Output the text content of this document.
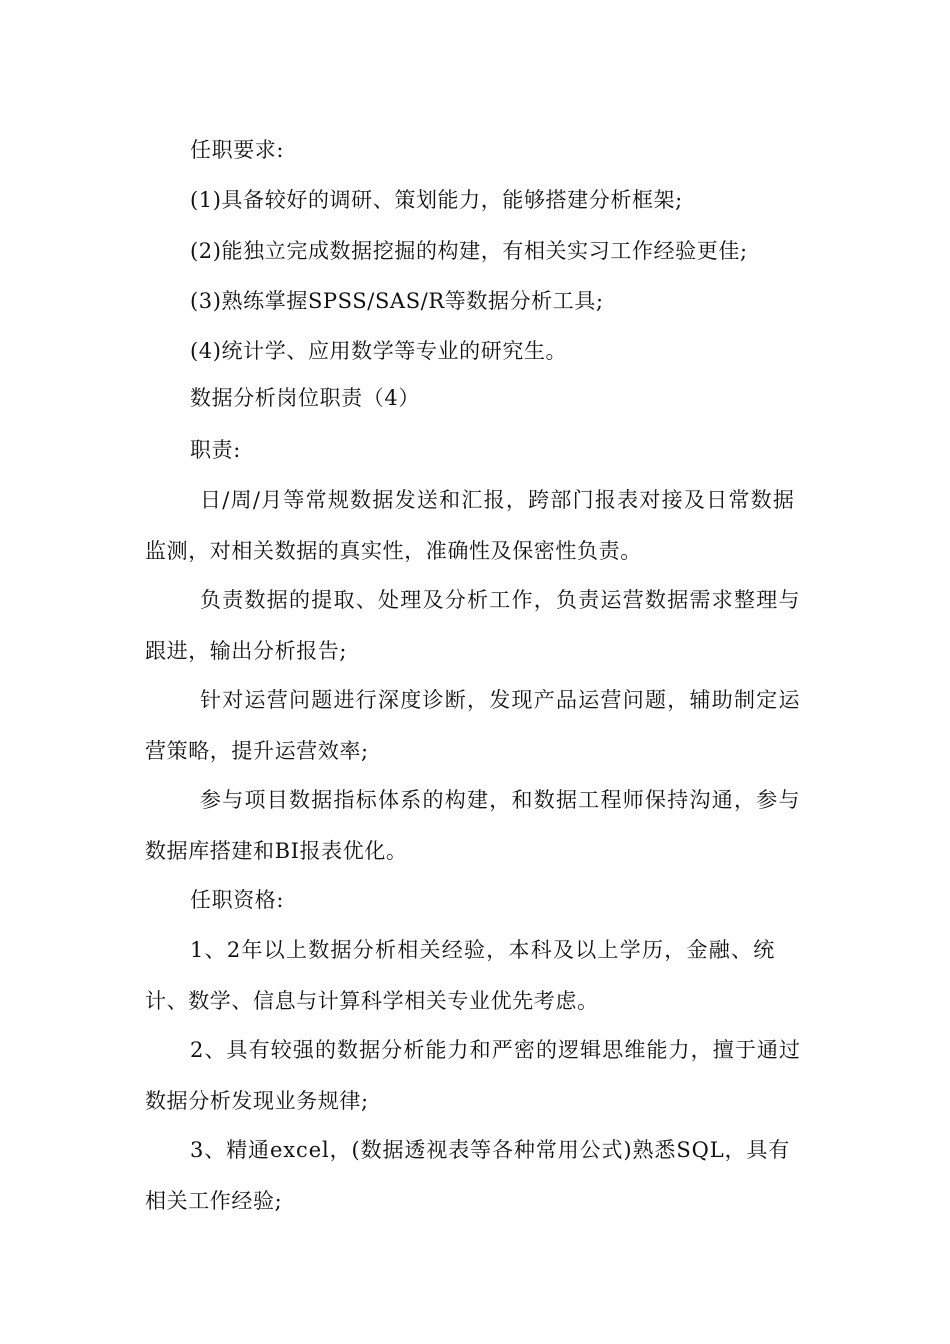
任职要求:
(1)具备较好的调研、策划能力，能够搭建分析框架;
(2)能独立完成数据挖掘的构建，有相关实习工作经验更佳;
(3)熟练掌握SPSS/SAS/R等数据分析工具;
(4)统计学、应用数学等专业的研究生。
数据分析岗位职责（4）
职责:
日/周/月等常规数据发送和汇报，跨部门报表对接及日常数据
监测，对相关数据的真实性，准确性及保密性负责。
负责数据的提取、处理及分析工作，负责运营数据需求整理与
跟进，输出分析报告;
针对运营问题进行深度诊断，发现产品运营问题，辅助制定运
营策略，提升运营效率;
参与项目数据指标体系的构建，和数据工程师保持沟通，参与
数据库搭建和BI报表优化。
任职资格:
1、2年以上数据分析相关经验，本科及以上学历，金融、统
计、数学、信息与计算科学相关专业优先考虑。
2、具有较强的数据分析能力和严密的逻辑思维能力，擅于通过
数据分析发现业务规律;
3、精通excel，(数据透视表等各种常用公式)熟悉SQL，具有
相关工作经验;
